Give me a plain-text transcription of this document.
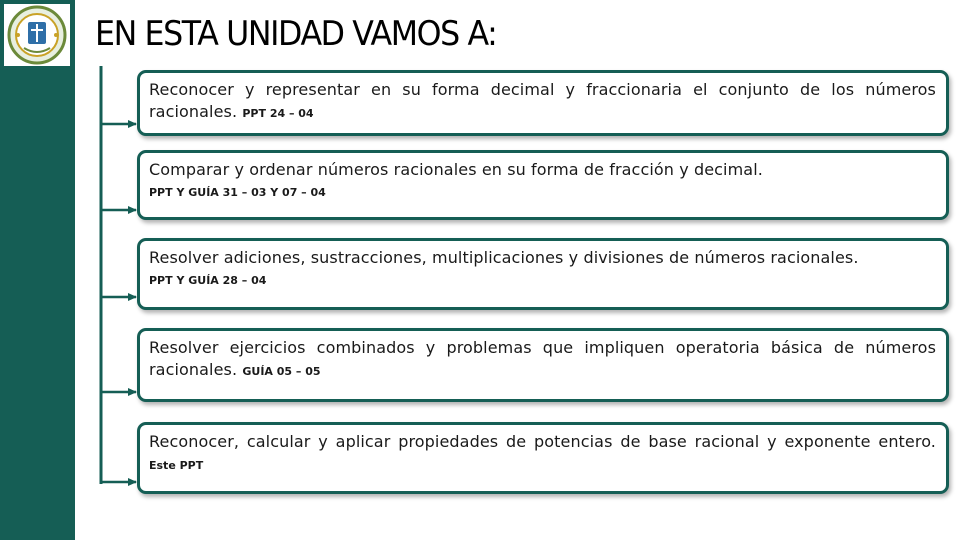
EN ESTA UNIDAD VAMOS A:
Reconocer y representar en su forma decimal y fraccionaria el conjunto de los números racionales. PPT 24 – 04
Comparar y ordenar números racionales en su forma de fracción y decimal.
PPT Y GUÍA 31 – 03 Y 07 – 04
Resolver adiciones, sustracciones, multiplicaciones y divisiones de números racionales.
PPT Y GUÍA 28 – 04
Resolver ejercicios combinados y problemas que impliquen operatoria básica de números racionales. GUÍA 05 – 05
Reconocer, calcular y aplicar propiedades de potencias de base racional y exponente entero. Este PPT
